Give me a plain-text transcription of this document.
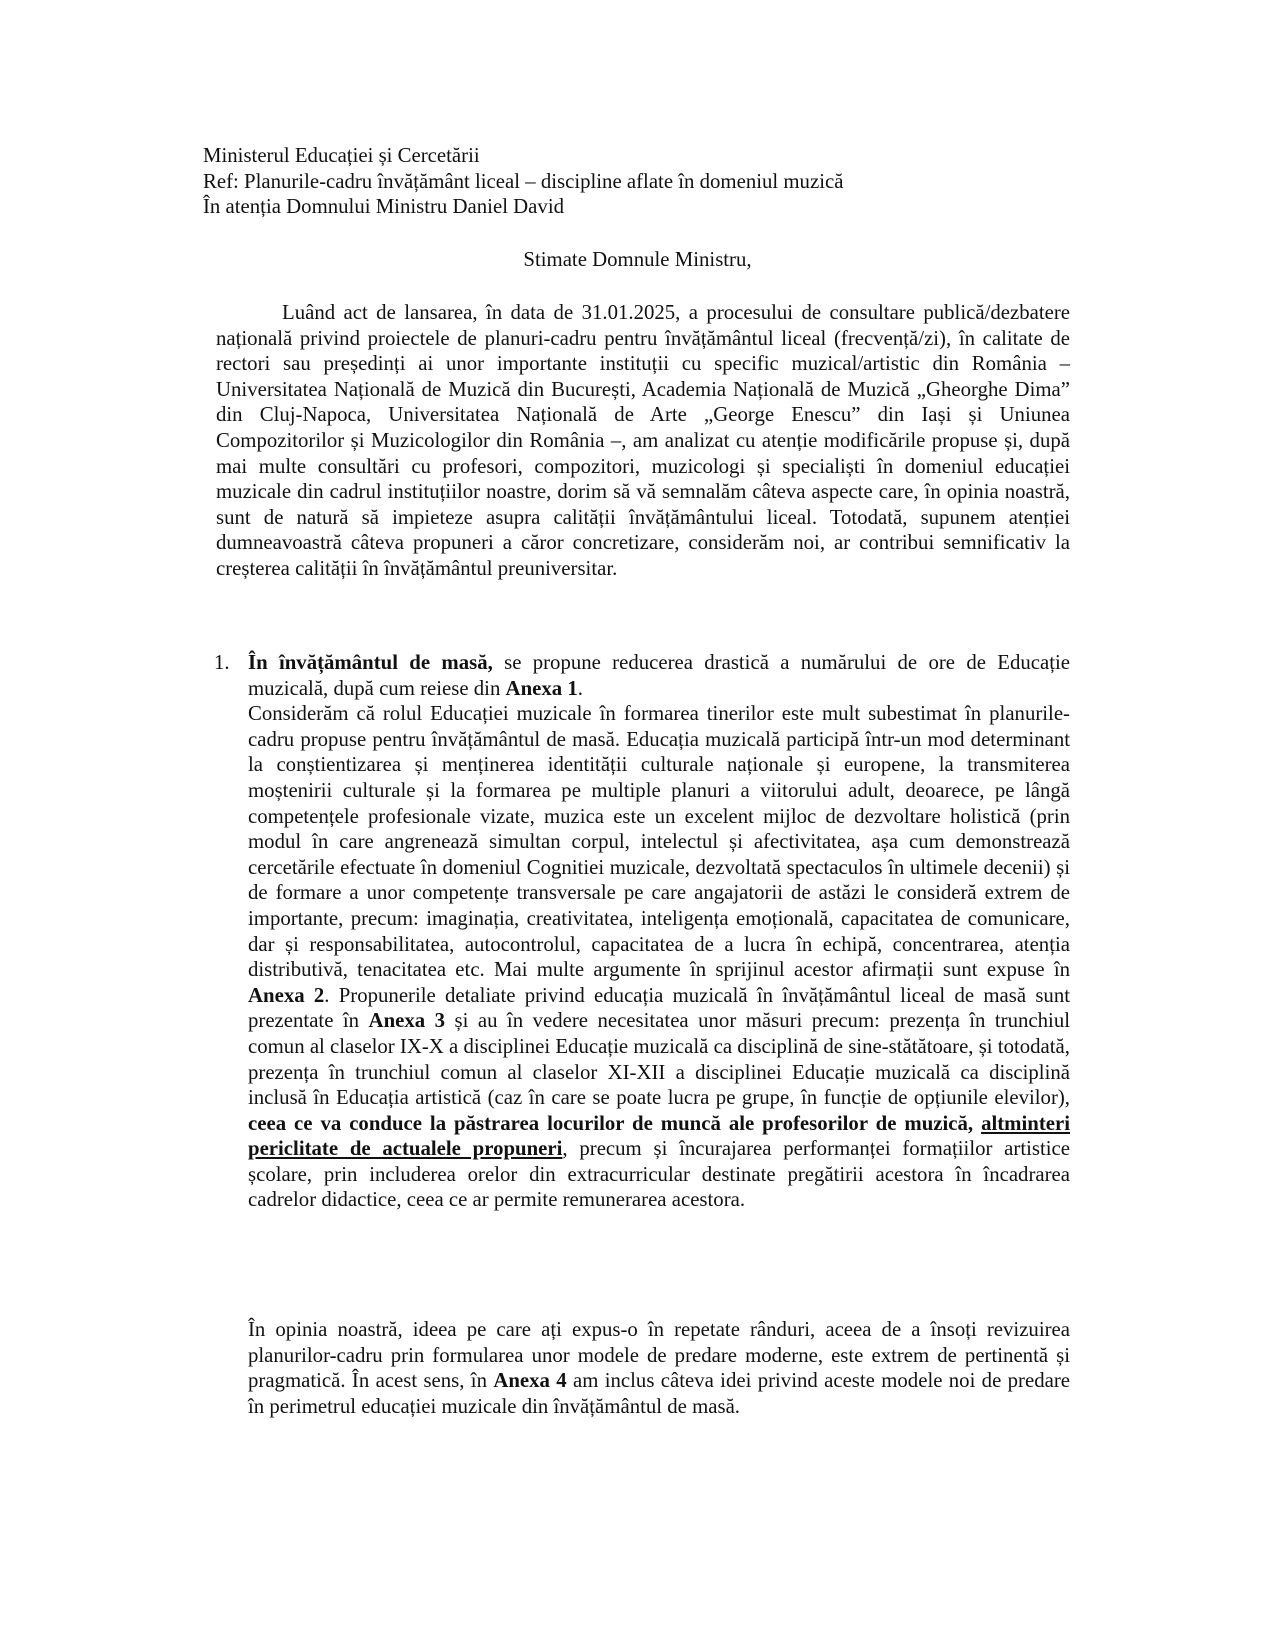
Ministerul Educației și Cercetării
Ref: Planurile-cadru învățământ liceal – discipline aflate în domeniul muzică
În atenția Domnului Ministru Daniel David
Stimate Domnule Ministru,

Luând act de lansarea, în data de 31.01.2025, a procesului de consultare publică/dezbatere națională privind proiectele de planuri-cadru pentru învățământul liceal (frecvență/zi), în calitate de rectori sau președinți ai unor importante instituții cu specific muzical/artistic din România – Universitatea Națională de Muzică din București, Academia Națională de Muzică „Gheorghe Dima” din Cluj-Napoca, Universitatea Națională de Arte „George Enescu” din Iași și Uniunea Compozitorilor și Muzicologilor din România –, am analizat cu atenție modificările propuse și, după mai multe consultări cu profesori, compozitori, muzicologi și specialiști în domeniul educației muzicale din cadrul instituțiilor noastre, dorim să vă semnalăm câteva aspecte care, în opinia noastră, sunt de natură să impieteze asupra calității învățământului liceal. Totodată, supunem atenției dumneavoastră câteva propuneri a căror concretizare, considerăm noi, ar contribui semnificativ la creșterea calității în învățământul preuniversitar.

1. În învățământul de masă, se propune reducerea drastică a numărului de ore de Educație muzicală, după cum reiese din Anexa 1.

Considerăm că rolul Educației muzicale în formarea tinerilor este mult subestimat în planurile-cadru propuse pentru învățământul de masă. Educația muzicală participă într-un mod determinant la conștientizarea și menținerea identității culturale naționale și europene, la transmiterea moștenirii culturale și la formarea pe multiple planuri a viitorului adult, deoarece, pe lângă competențele profesionale vizate, muzica este un excelent mijloc de dezvoltare holistică (prin modul în care angrenează simultan corpul, intelectul și afectivitatea, așa cum demonstrează cercetările efectuate în domeniul Cognitiei muzicale, dezvoltată spectaculos în ultimele decenii) și de formare a unor competențe transversale pe care angajatorii de astăzi le consideră extrem de importante, precum: imaginația, creativitatea, inteligența emoțională, capacitatea de comunicare, dar și responsabilitatea, autocontrolul, capacitatea de a lucra în echipă, concentrarea, atenția distributivă, tenacitatea etc. Mai multe argumente în sprijinul acestor afirmații sunt expuse în Anexa 2. Propunerile detaliate privind educația muzicală în învățământul liceal de masă sunt prezentate în Anexa 3 și au în vedere necesitatea unor măsuri precum: prezența în trunchiul comun al claselor IX-X a disciplinei Educație muzicală ca disciplină de sine-stătătoare, și totodată, prezența în trunchiul comun al claselor XI-XII a disciplinei Educație muzicală ca disciplină inclusă în Educația artistică (caz în care se poate lucra pe grupe, în funcție de opțiunile elevilor), ceea ce va conduce la păstrarea locurilor de muncă ale profesorilor de muzică, altminteri periclitate de actualele propuneri, precum și încurajarea performanței formațiilor artistice școlare, prin includerea orelor din extracurricular destinate pregătirii acestora în încadrarea cadrelor didactice, ceea ce ar permite remunerarea acestora.

În opinia noastră, ideea pe care ați expus-o în repetate rânduri, aceea de a însoți revizuirea planurilor-cadru prin formularea unor modele de predare moderne, este extrem de pertinentă și pragmatică. În acest sens, în Anexa 4 am inclus câteva idei privind aceste modele noi de predare în perimetrul educației muzicale din învățământul de masă.
